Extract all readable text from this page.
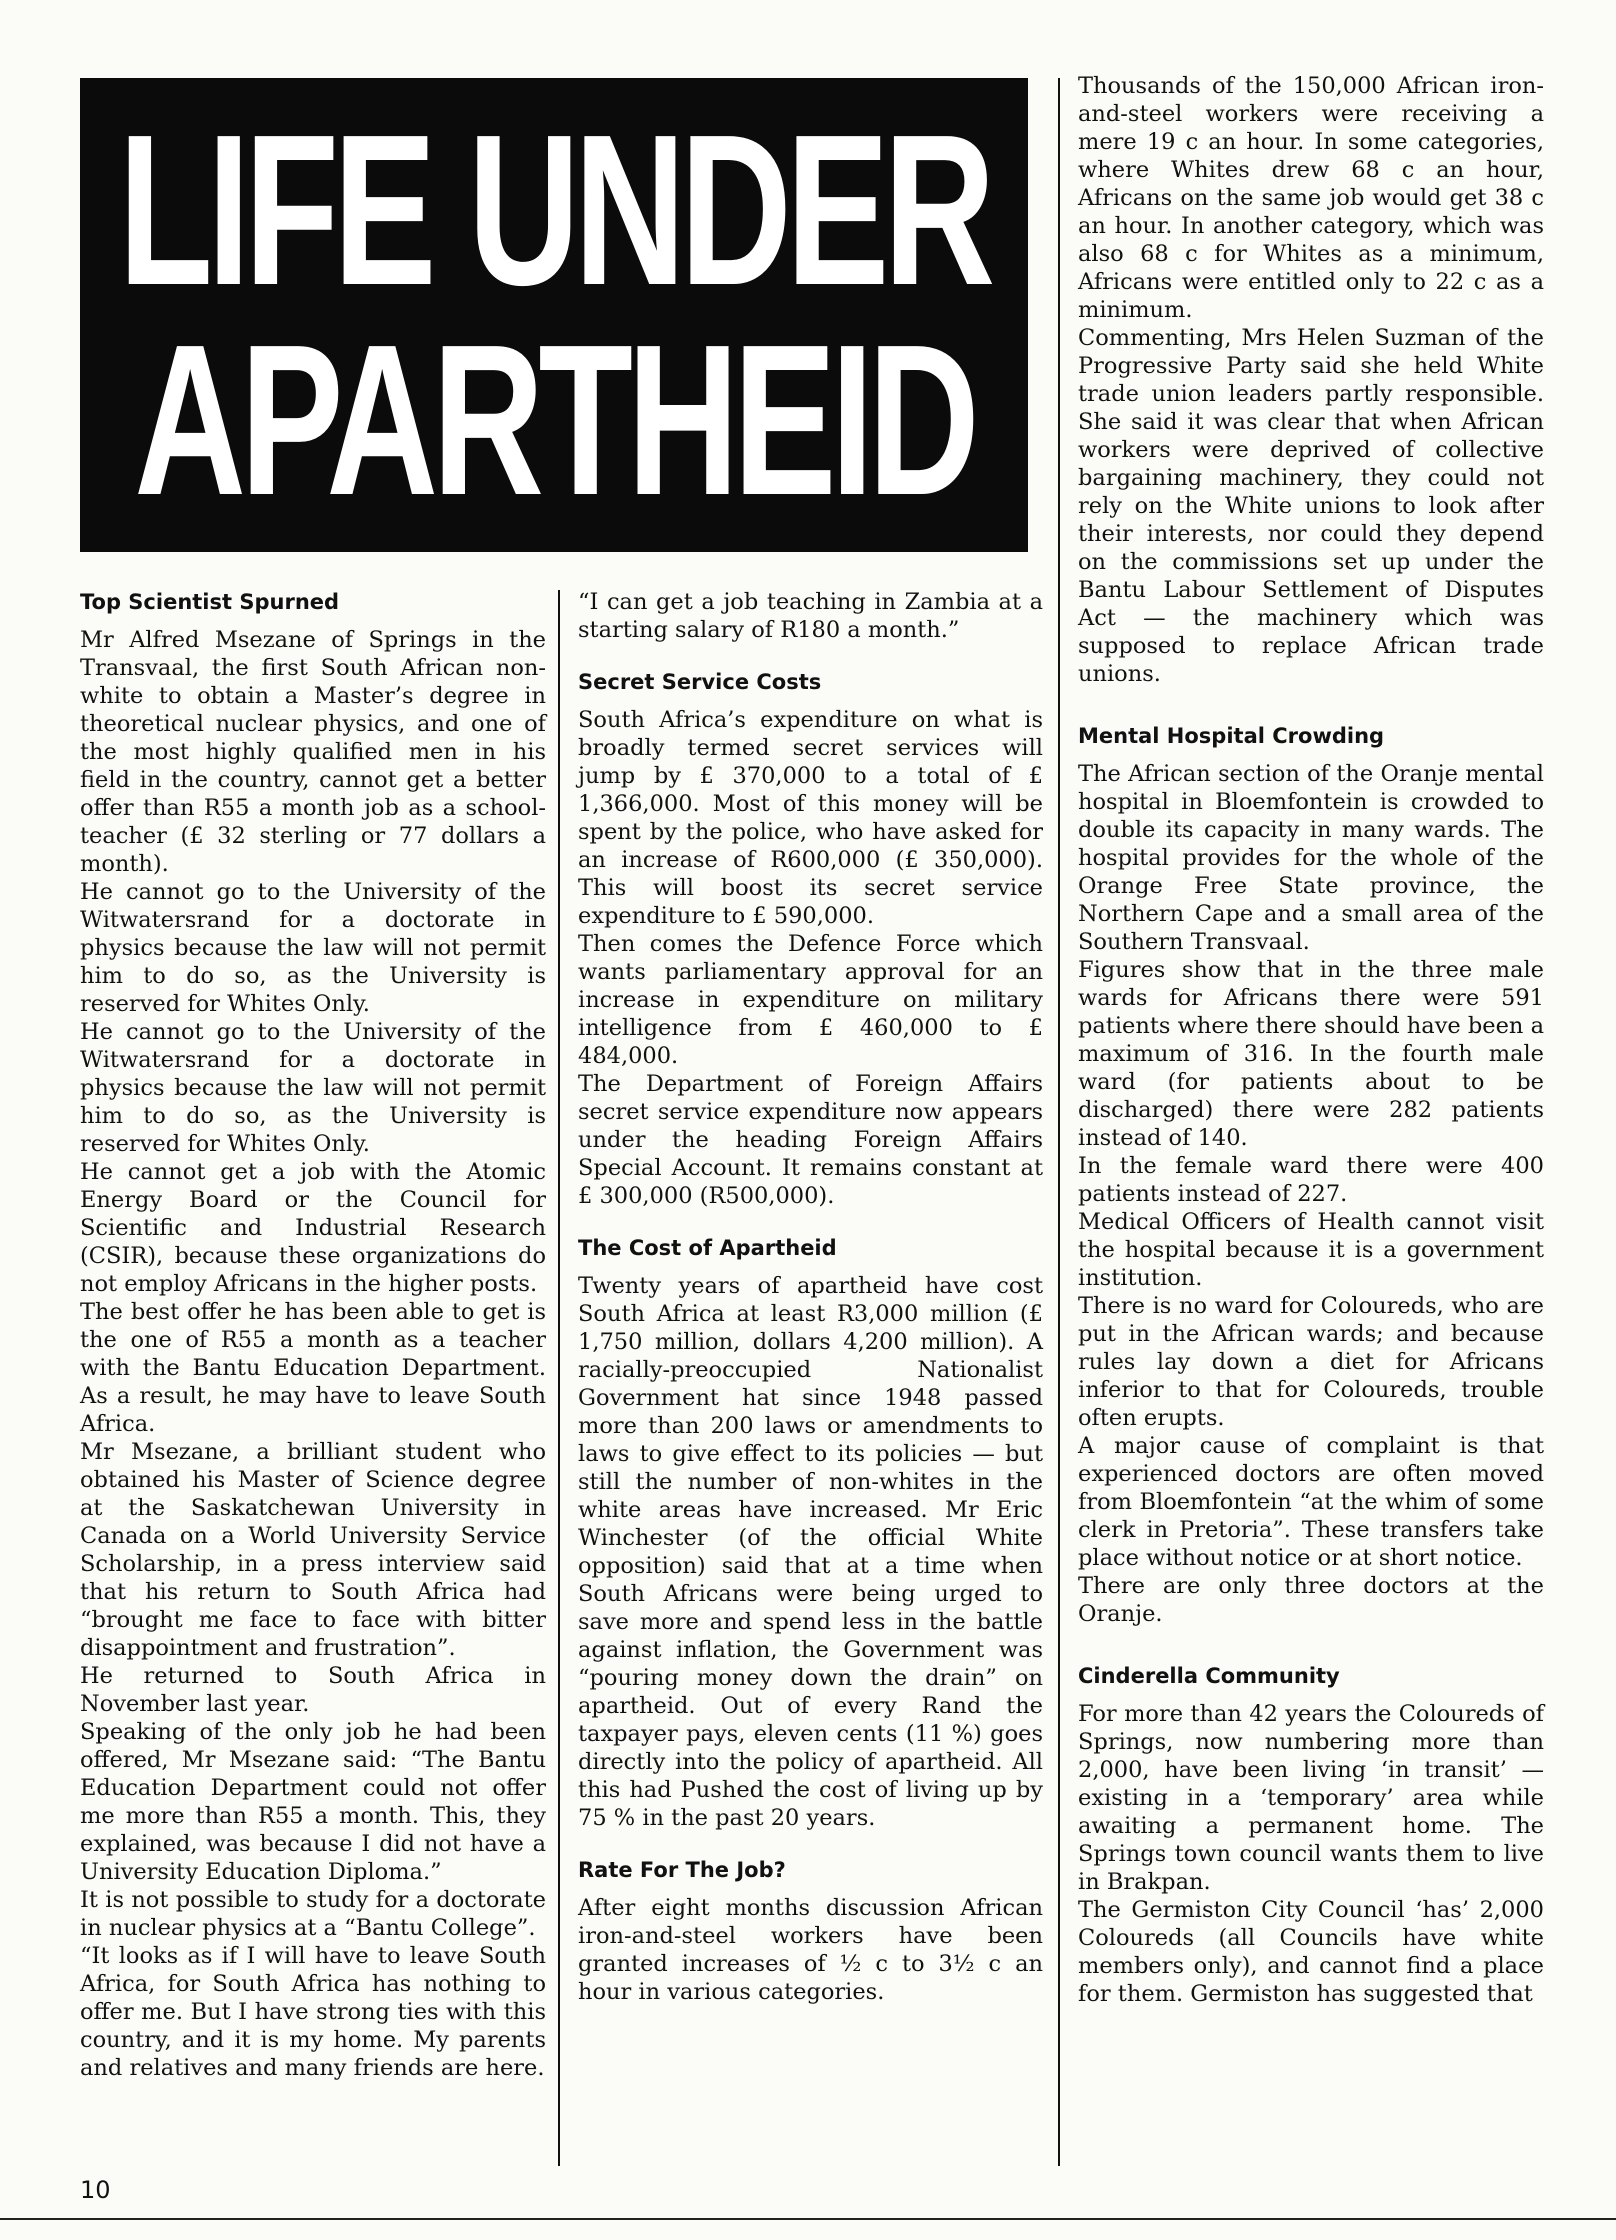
LIFE UNDER
APARTHEID
Top Scientist Spurned

Mr Alfred Msezane of Springs in the Transvaal, the first South African non-white to obtain a Master’s degree in theoretical nuclear physics, and one of the most highly qualified men in his field in the country, cannot get a better offer than R55 a month job as a school-teacher (£ 32 sterling or 77 dollars a month).

He cannot go to the University of the Witwatersrand for a doctorate in physics because the law will not permit him to do so, as the University is reserved for Whites Only.

He cannot go to the University of the Witwatersrand for a doctorate in physics because the law will not permit him to do so, as the University is reserved for Whites Only.

He cannot get a job with the Atomic Energy Board or the Council for Scientific and Industrial Research (CSIR), because these organizations do not employ Africans in the higher posts.

The best offer he has been able to get is the one of R55 a month as a teacher with the Bantu Education Department. As a result, he may have to leave South Africa.

Mr Msezane, a brilliant student who obtained his Master of Science degree at the Saskatchewan University in Canada on a World University Service Scholarship, in a press interview said that his return to South Africa had “brought me face to face with bitter disappointment and frustration”.

He returned to South Africa in November last year.

Speaking of the only job he had been offered, Mr Msezane said: “The Bantu Education Department could not offer me more than R55 a month. This, they explained, was because I did not have a University Education Diploma.”

It is not possible to study for a doctorate in nuclear physics at a “Bantu College”.

“It looks as if I will have to leave South Africa, for South Africa has nothing to offer me. But I have strong ties with this country, and it is my home. My parents and relatives and many friends are here.

“I can get a job teaching in Zambia at a starting salary of R180 a month.”

Secret Service Costs

South Africa’s expenditure on what is broadly termed secret services will jump by £ 370,000 to a total of £ 1,366,000. Most of this money will be spent by the police, who have asked for an increase of R600,000 (£ 350,000). This will boost its secret service expenditure to £ 590,000.

Then comes the Defence Force which wants parliamentary approval for an increase in expenditure on military intelligence from £ 460,000 to £ 484,000.

The Department of Foreign Affairs secret service expenditure now appears under the heading Foreign Affairs Special Account. It remains constant at £ 300,000 (R500,000).

The Cost of Apartheid

Twenty years of apartheid have cost South Africa at least R3,000 million (£ 1,750 million, dollars 4,200 million). A racially-preoccupied Nationalist Government hat since 1948 passed more than 200 laws or amendments to laws to give effect to its policies — but still the number of non-whites in the white areas have increased. Mr Eric Winchester (of the official White opposition) said that at a time when South Africans were being urged to save more and spend less in the battle against inflation, the Government was “pouring money down the drain” on apartheid. Out of every Rand the taxpayer pays, eleven cents (11 %) goes directly into the policy of apartheid. All this had Pushed the cost of living up by 75 % in the past 20 years.

Rate For The Job?

After eight months discussion African iron-and-steel workers have been granted increases of ½ c to 3½ c an hour in various categories.

Thousands of the 150,000 African iron-and-steel workers were receiving a mere 19 c an hour. In some categories, where Whites drew 68 c an hour, Africans on the same job would get 38 c an hour. In another category, which was also 68 c for Whites as a minimum, Africans were entitled only to 22 c as a minimum.

Commenting, Mrs Helen Suzman of the Progressive Party said she held White trade union leaders partly responsible. She said it was clear that when African workers were deprived of collective bargaining machinery, they could not rely on the White unions to look after their interests, nor could they depend on the commissions set up under the Bantu Labour Settlement of Disputes Act — the machinery which was supposed to replace African trade unions.

Mental Hospital Crowding

The African section of the Oranje mental hospital in Bloemfontein is crowded to double its capacity in many wards. The hospital provides for the whole of the Orange Free State province, the Northern Cape and a small area of the Southern Transvaal.

Figures show that in the three male wards for Africans there were 591 patients where there should have been a maximum of 316. In the fourth male ward (for patients about to be discharged) there were 282 patients instead of 140.

In the female ward there were 400 patients instead of 227.

Medical Officers of Health cannot visit the hospital because it is a government institution.

There is no ward for Coloureds, who are put in the African wards; and because rules lay down a diet for Africans inferior to that for Coloureds, trouble often erupts.

A major cause of complaint is that experienced doctors are often moved from Bloemfontein “at the whim of some clerk in Pretoria”. These transfers take place without notice or at short notice.

There are only three doctors at the Oranje.

Cinderella Community

For more than 42 years the Coloureds of Springs, now numbering more than 2,000, have been living ‘in transit’ — existing in a ‘temporary’ area while awaiting a permanent home. The Springs town council wants them to live in Brakpan.

The Germiston City Council ‘has’ 2,000 Coloureds (all Councils have white members only), and cannot find a place for them. Germiston has suggested that

10
